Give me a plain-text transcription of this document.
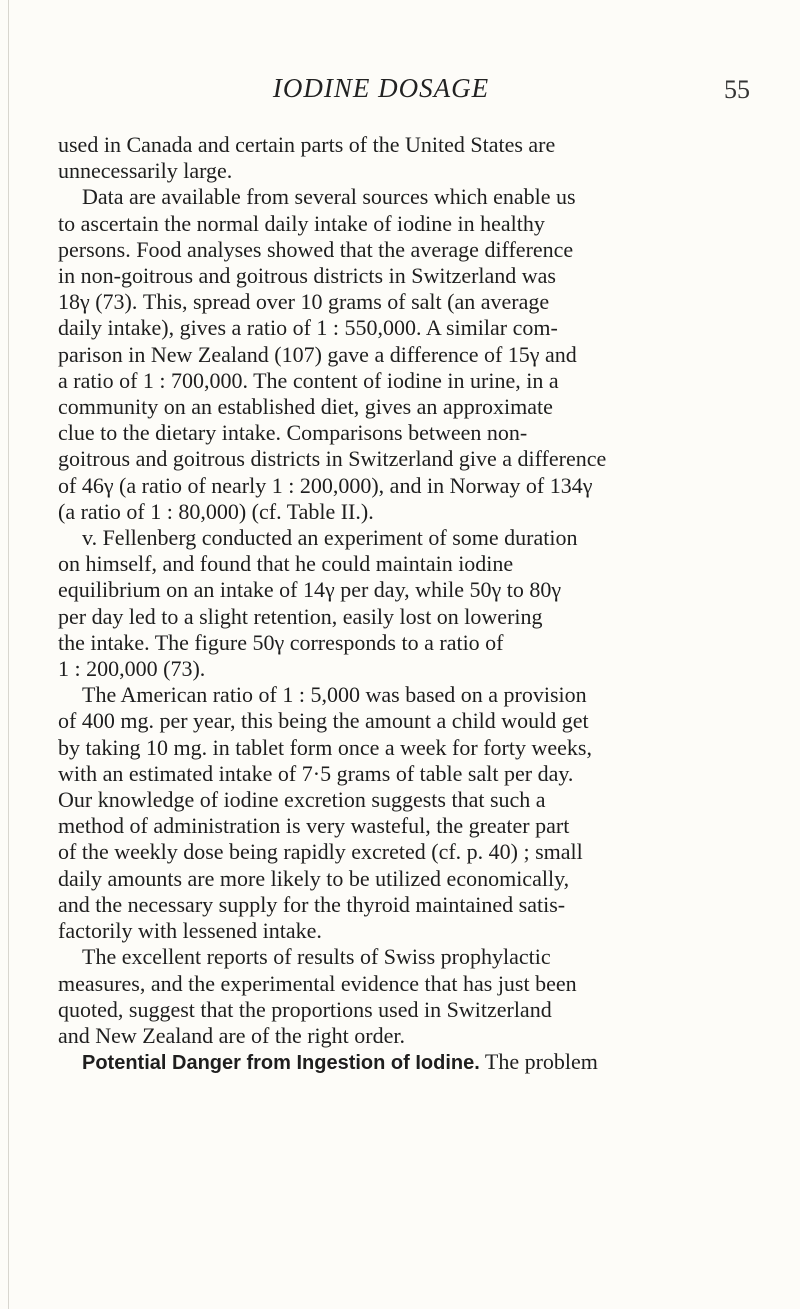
IODINE DOSAGE	55
used in Canada and certain parts of the United States are
unnecessarily large.
Data are available from several sources which enable us
to ascertain the normal daily intake of iodine in healthy
persons. Food analyses showed that the average difference
in non-goitrous and goitrous districts in Switzerland was
18γ (73). This, spread over 10 grams of salt (an average
daily intake), gives a ratio of 1 : 550,000. A similar com-
parison in New Zealand (107) gave a difference of 15γ and
a ratio of 1 : 700,000. The content of iodine in urine, in a
community on an established diet, gives an approximate
clue to the dietary intake. Comparisons between non-
goitrous and goitrous districts in Switzerland give a difference
of 46γ (a ratio of nearly 1 : 200,000), and in Norway of 134γ
(a ratio of 1 : 80,000) (cf. Table II.).
v. Fellenberg conducted an experiment of some duration
on himself, and found that he could maintain iodine
equilibrium on an intake of 14γ per day, while 50γ to 80γ
per day led to a slight retention, easily lost on lowering
the intake. The figure 50γ corresponds to a ratio of
1 : 200,000 (73).
The American ratio of 1 : 5,000 was based on a provision
of 400 mg. per year, this being the amount a child would get
by taking 10 mg. in tablet form once a week for forty weeks,
with an estimated intake of 7·5 grams of table salt per day.
Our knowledge of iodine excretion suggests that such a
method of administration is very wasteful, the greater part
of the weekly dose being rapidly excreted (cf. p. 40) ; small
daily amounts are more likely to be utilized economically,
and the necessary supply for the thyroid maintained satis-
factorily with lessened intake.
The excellent reports of results of Swiss prophylactic
measures, and the experimental evidence that has just been
quoted, suggest that the proportions used in Switzerland
and New Zealand are of the right order.
Potential Danger from Ingestion of Iodine. The problem
